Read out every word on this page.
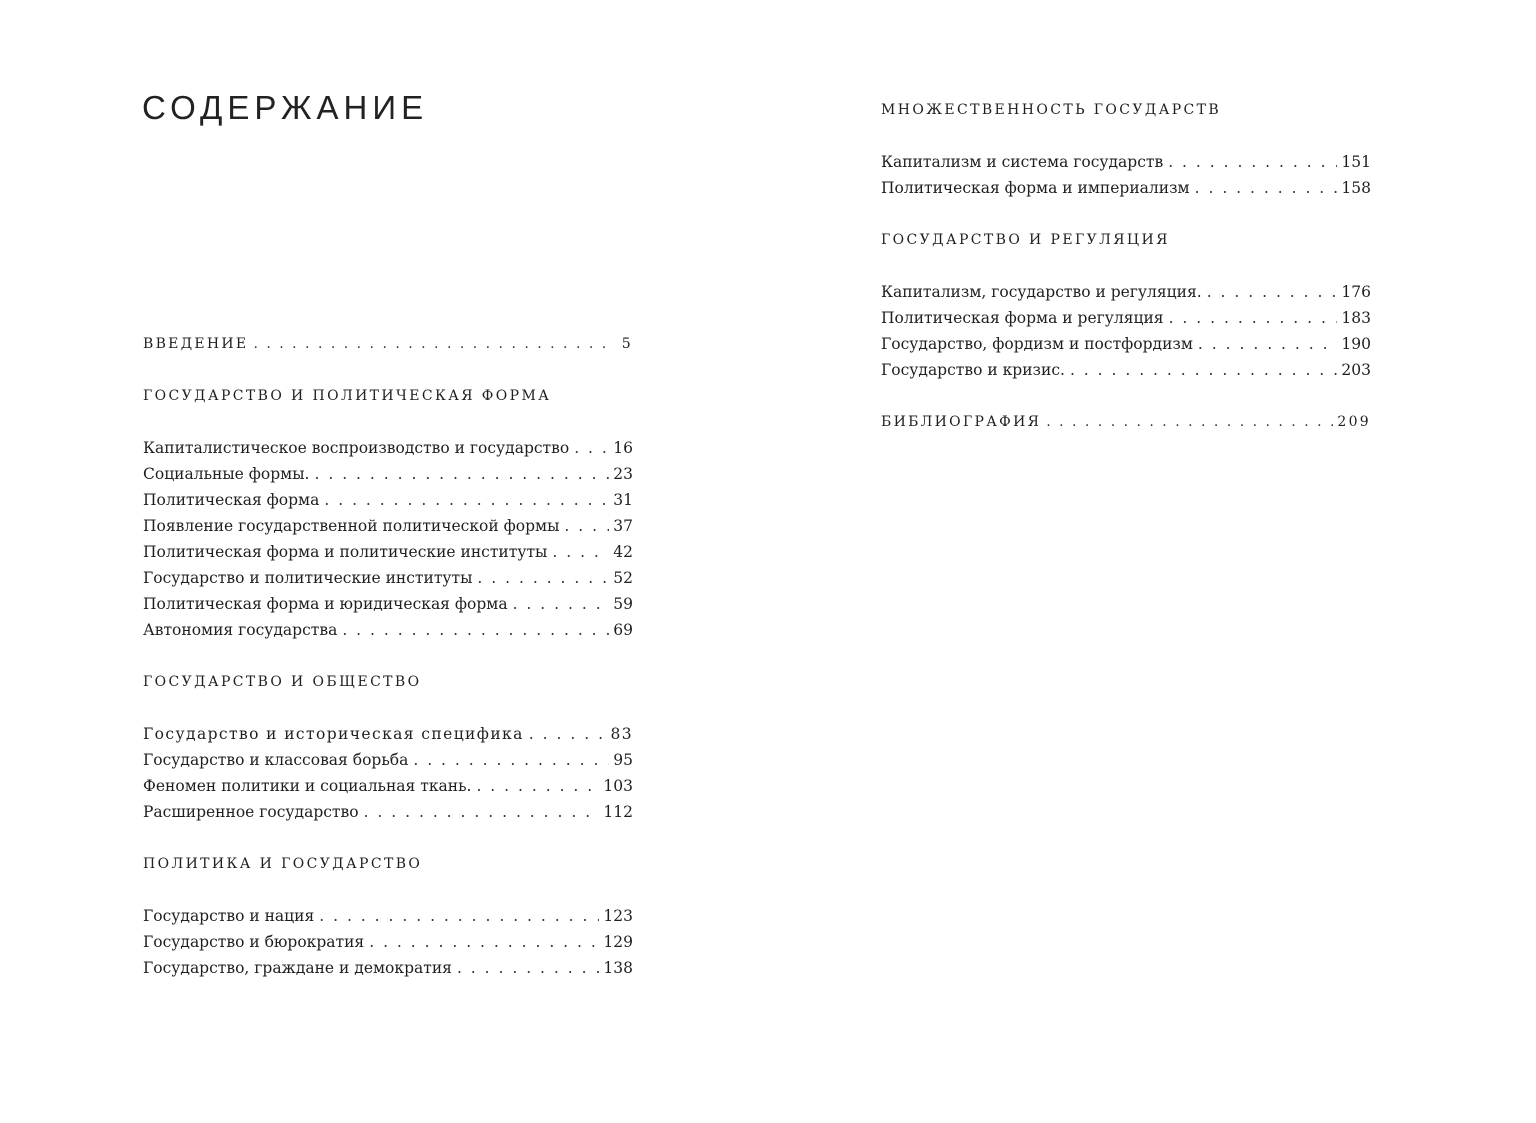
СОДЕРЖАНИЕ
ВВЕДЕНИЕ . . .	5
ГОСУДАРСТВО И ПОЛИТИЧЕСКАЯ ФОРМА
Капиталистическое воспроизводство и государство . . .	16
Социальные формы. . . .	23
Политическая форма . . .	31
Появление государственной политической формы . . .	37
Политическая форма и политические институты . . .	42
Государство и политические институты . . .	52
Политическая форма и юридическая форма . . .	59
Автономия государства . . .	69
ГОСУДАРСТВО И ОБЩЕСТВО
Государство и историческая специфика . . .	83
Государство и классовая борьба . . .	95
Феномен политики и социальная ткань. . . .	103
Расширенное государство . . .	112
ПОЛИТИКА И ГОСУДАРСТВО
Государство и нация . . .	123
Государство и бюрократия . . .	129
Государство, граждане и демократия . . .	138
МНОЖЕСТВЕННОСТЬ ГОСУДАРСТВ
Капитализм и система государств . . .	151
Политическая форма и империализм . . .	158
ГОСУДАРСТВО И РЕГУЛЯЦИЯ
Капитализм, государство и регуляция. . . .	176
Политическая форма и регуляция . . .	183
Государство, фордизм и постфордизм . . .	190
Государство и кризис. . . .	203
БИБЛИОГРАФИЯ . . .	209
